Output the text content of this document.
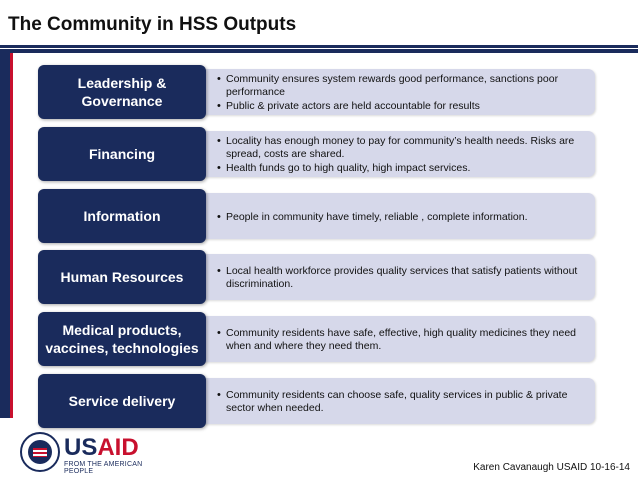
The Community in HSS Outputs
• Community ensures system rewards good performance, sanctions poor performance
• Public & private actors are held accountable for results
Leadership & Governance
• Locality has enough money to pay for community’s health needs. Risks are spread, costs are shared.
• Health funds go to high quality, high impact services.
Financing
• People in community have timely, reliable , complete information.
Information
• Local health workforce provides quality services that satisfy patients without discrimination.
Human Resources
• Community residents have safe, effective, high quality medicines they need when and where they need them.
Medical products, vaccines, technologies
• Community residents can choose safe, quality services in public & private sector when needed.
Service delivery
USAID
FROM THE AMERICAN PEOPLE	Karen Cavanaugh USAID 10-16-14
